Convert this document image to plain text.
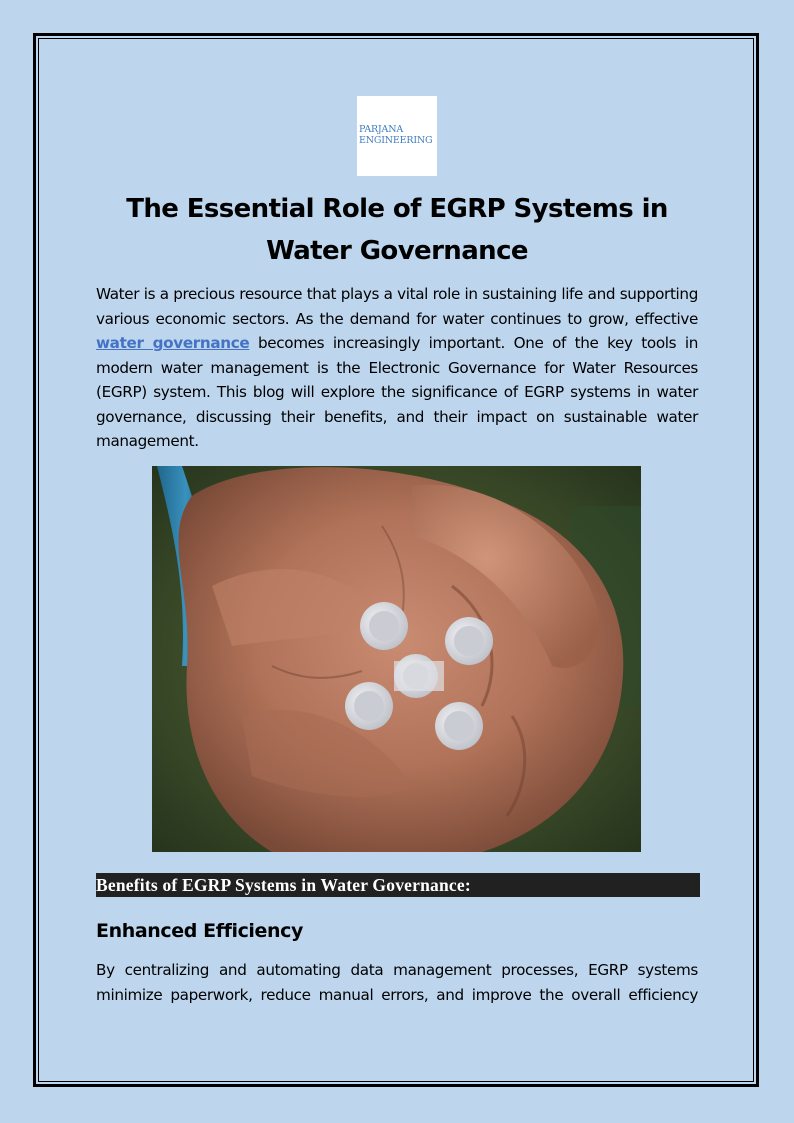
PARJANA
ENGINEERING
The Essential Role of EGRP Systems in
Water Governance

Water is a precious resource that plays a vital role in sustaining life and supporting various economic sectors. As the demand for water continues to grow, effective water governance becomes increasingly important. One of the key tools in modern water management is the Electronic Governance for Water Resources (EGRP) system. This blog will explore the significance of EGRP systems in water governance, discussing their benefits, and their impact on sustainable water management.

Benefits of EGRP Systems in Water Governance:
Enhanced Efficiency

By centralizing and automating data management processes, EGRP systems
minimize paperwork, reduce manual errors, and improve the overall efficiency
